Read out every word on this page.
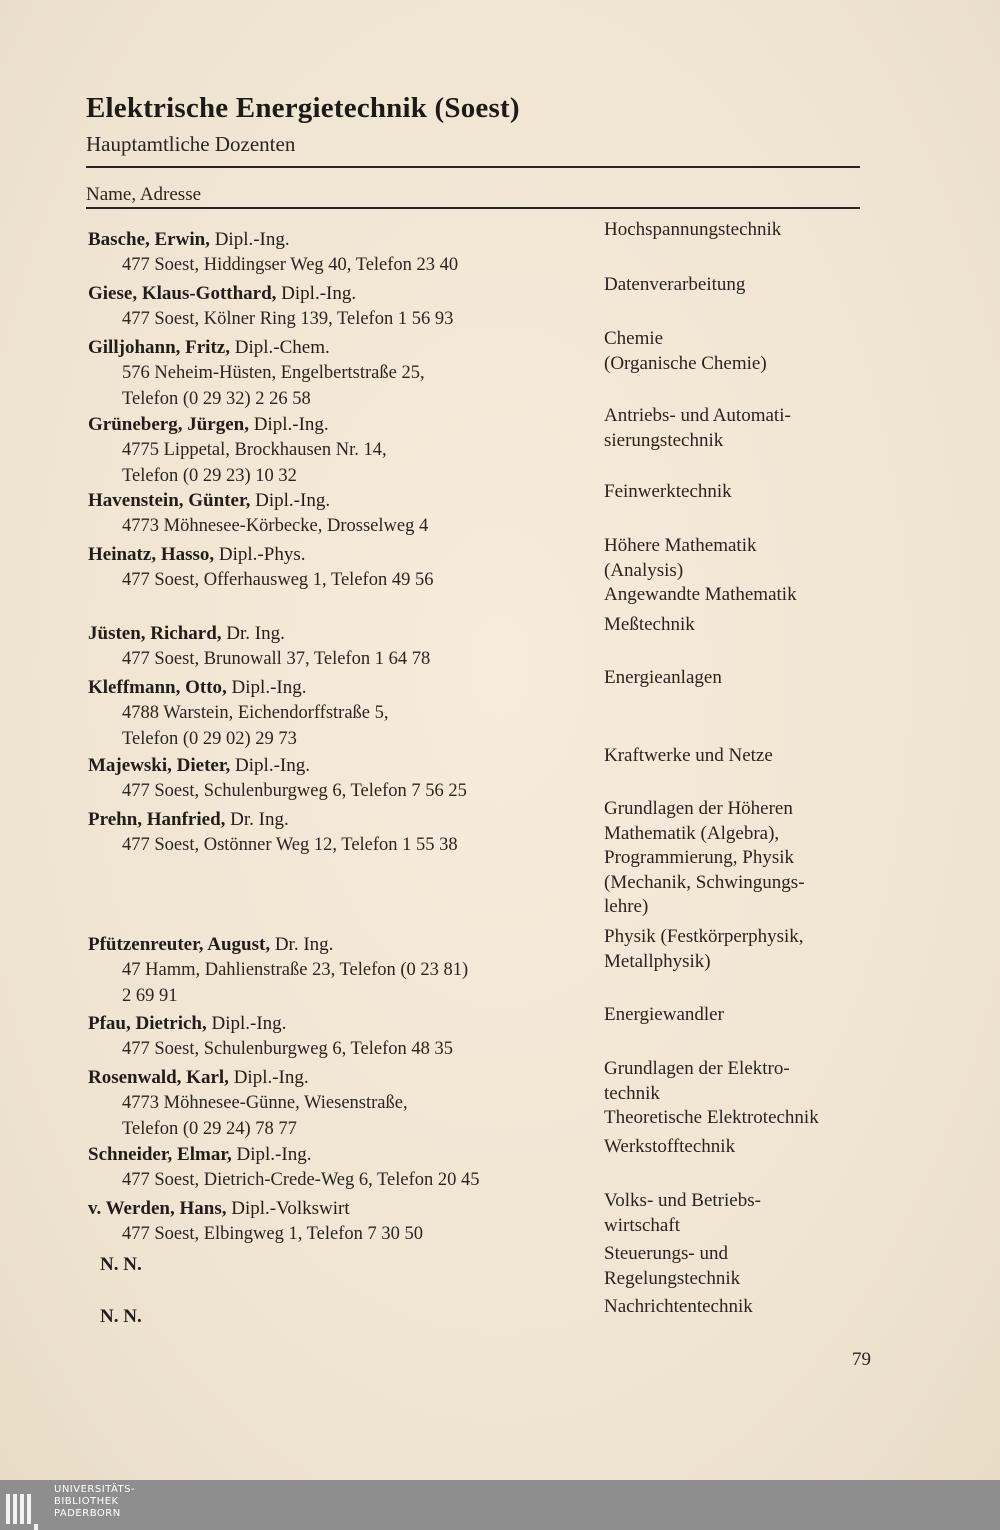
Elektrische Energietechnik (Soest)
Hauptamtliche Dozenten
Name, Adresse
Basche, Erwin, Dipl.-Ing.
477 Soest, Hiddingser Weg 40, Telefon 23 40
Hochspannungstechnik
Giese, Klaus-Gotthard, Dipl.-Ing.
477 Soest, Kölner Ring 139, Telefon 1 56 93
Datenverarbeitung
Gilljohann, Fritz, Dipl.-Chem.
576 Neheim-Hüsten, Engelbertstraße 25,
Telefon (0 29 32) 2 26 58
Chemie
(Organische Chemie)
Grüneberg, Jürgen, Dipl.-Ing.
4775 Lippetal, Brockhausen Nr. 14,
Telefon (0 29 23) 10 32
Antriebs- und Automati-
sierungstechnik
Havenstein, Günter, Dipl.-Ing.
4773 Möhnesee-Körbecke, Drosselweg 4
Feinwerktechnik
Heinatz, Hasso, Dipl.-Phys.
477 Soest, Offerhausweg 1, Telefon 49 56
Höhere Mathematik
(Analysis)
Angewandte Mathematik
Jüsten, Richard, Dr. Ing.
477 Soest, Brunowall 37, Telefon 1 64 78
Meßtechnik
Kleffmann, Otto, Dipl.-Ing.
4788 Warstein, Eichendorffstraße 5,
Telefon (0 29 02) 29 73
Energieanlagen
Majewski, Dieter, Dipl.-Ing.
477 Soest, Schulenburgweg 6, Telefon 7 56 25
Kraftwerke und Netze
Prehn, Hanfried, Dr. Ing.
477 Soest, Ostönner Weg 12, Telefon 1 55 38
Grundlagen der Höheren
Mathematik (Algebra),
Programmierung, Physik
(Mechanik, Schwingungs-
lehre)
Pfützenreuter, August, Dr. Ing.
47 Hamm, Dahlienstraße 23, Telefon (0 23 81)
2 69 91
Physik (Festkörperphysik,
Metallphysik)
Pfau, Dietrich, Dipl.-Ing.
477 Soest, Schulenburgweg 6, Telefon 48 35
Energiewandler
Rosenwald, Karl, Dipl.-Ing.
4773 Möhnesee-Günne, Wiesenstraße,
Telefon (0 29 24) 78 77
Grundlagen der Elektro-
technik
Theoretische Elektrotechnik
Schneider, Elmar, Dipl.-Ing.
477 Soest, Dietrich-Crede-Weg 6, Telefon 20 45
Werkstofftechnik
v. Werden, Hans, Dipl.-Volkswirt
477 Soest, Elbingweg 1, Telefon 7 30 50
Volks- und Betriebs-
wirtschaft
N. N.
Steuerungs- und
Regelungstechnik
N. N.	Nachrichtentechnik
79
UNIVERSITÄTS-
BIBLIOTHEK
PADERBORN
